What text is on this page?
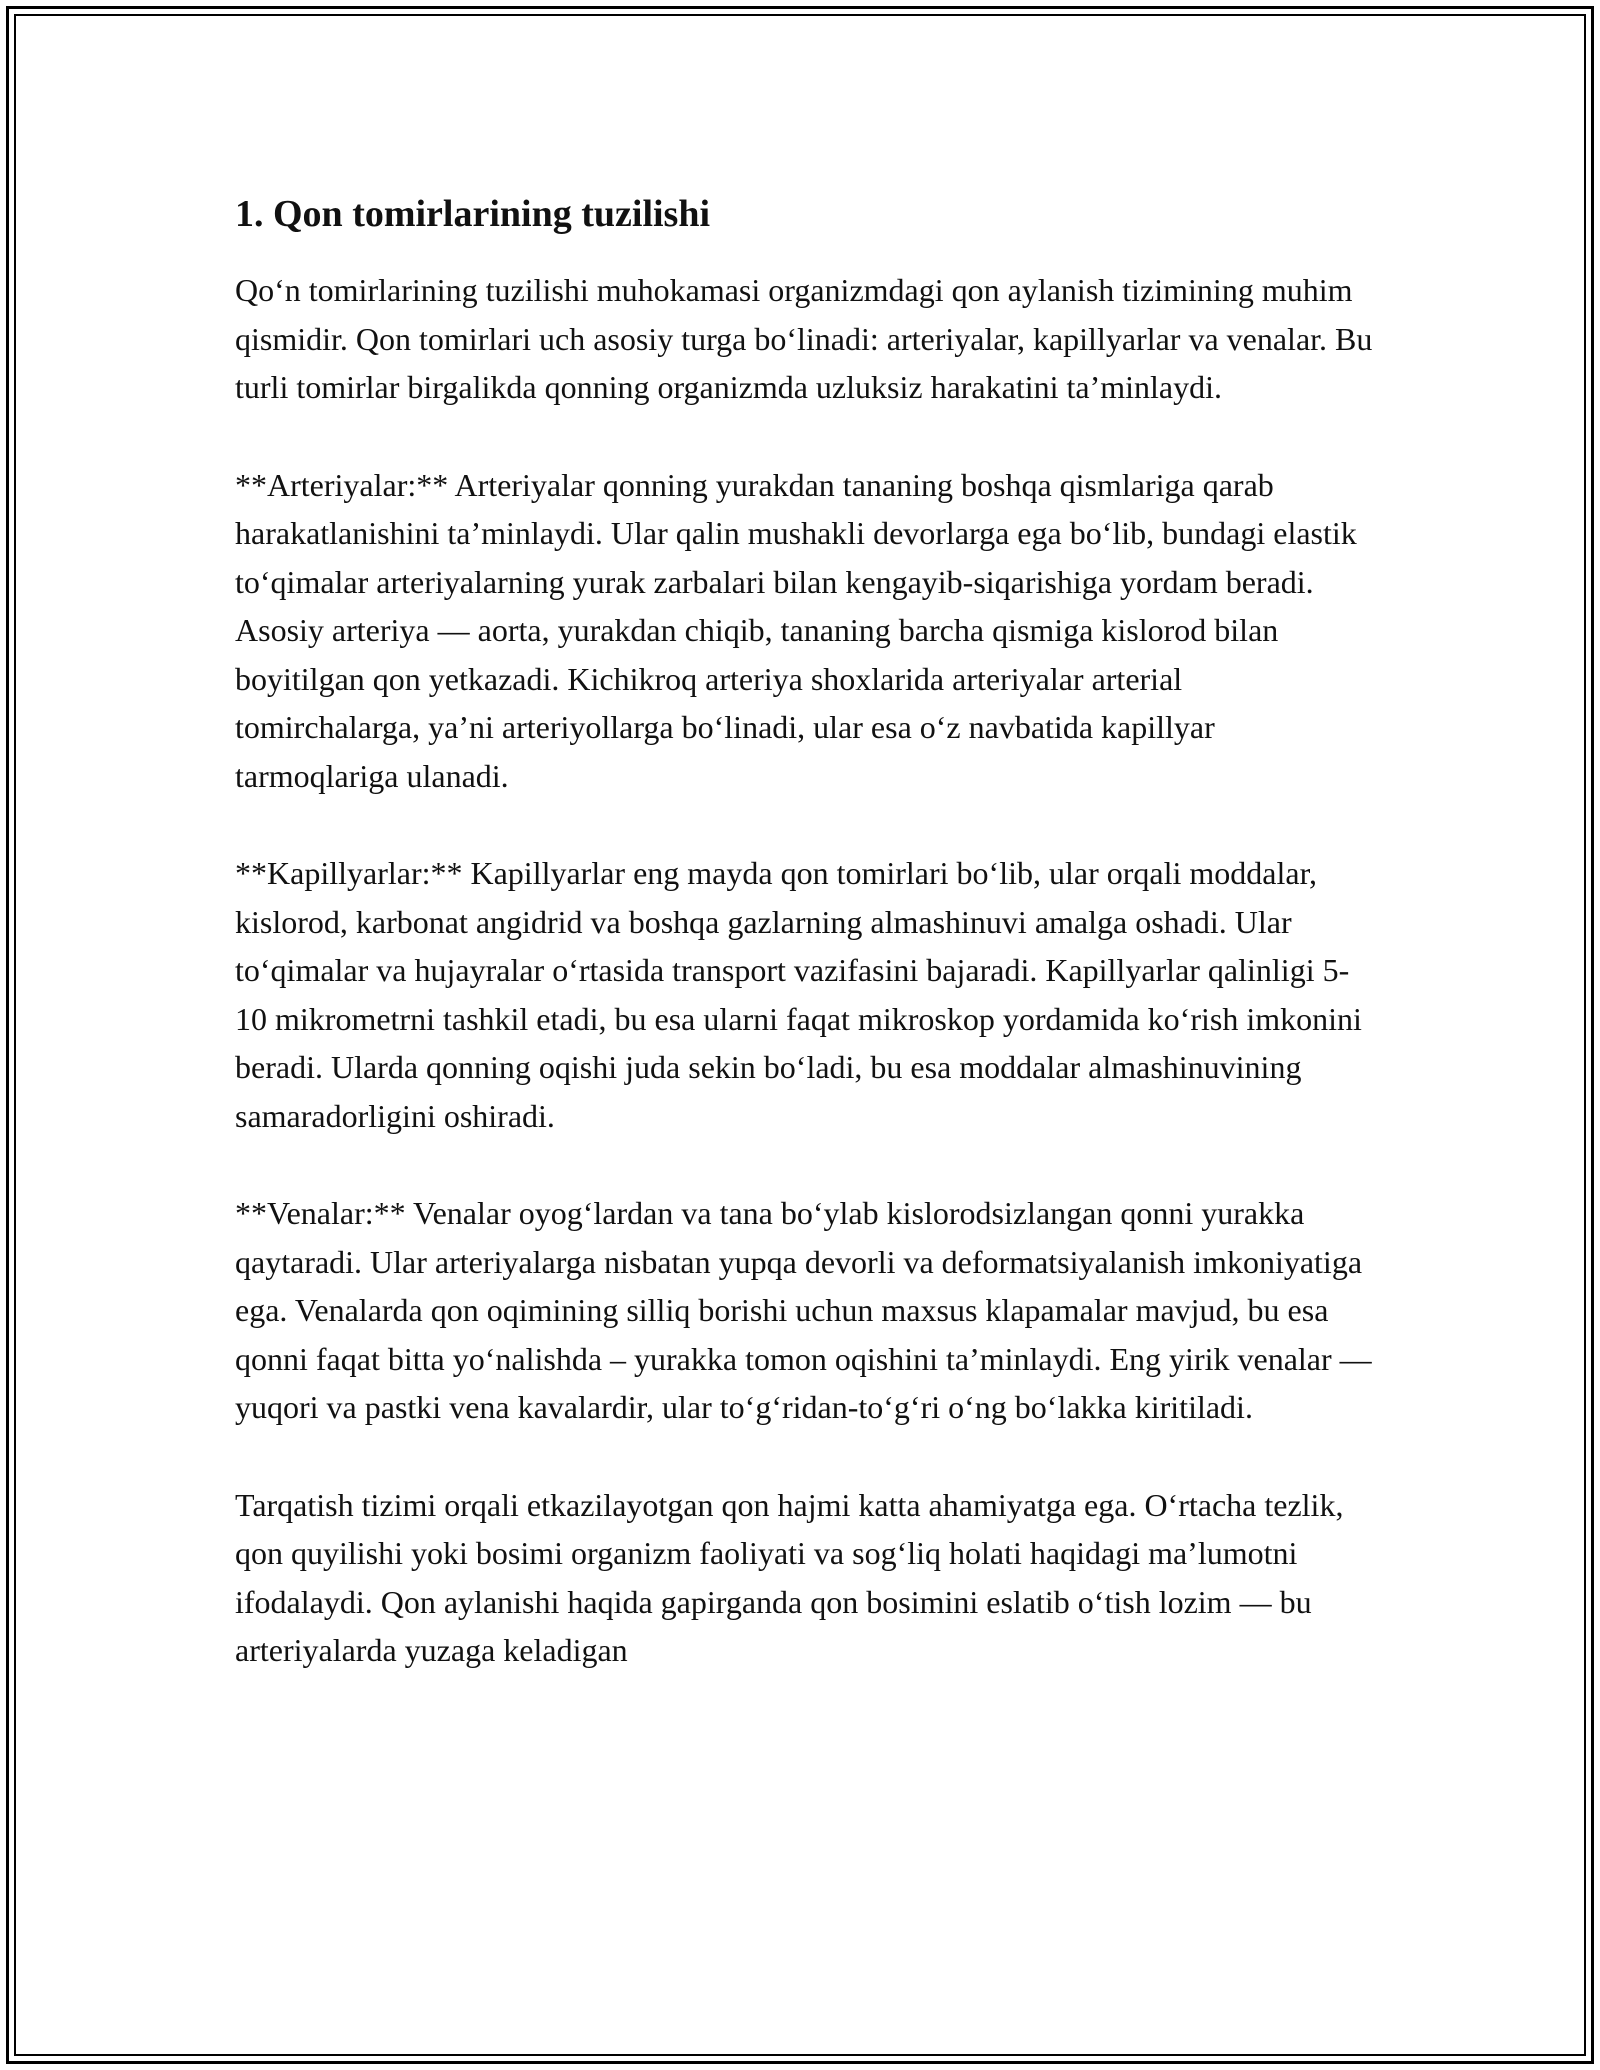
1. Qon tomirlarining tuzilishi

Qo‘n tomirlarining tuzilishi muhokamasi organizmdagi qon aylanish tizimining muhim qismidir. Qon tomirlari uch asosiy turga bo‘linadi: arteriyalar, kapillyarlar va venalar. Bu turli tomirlar birgalikda qonning organizmda uzluksiz harakatini ta’minlaydi.

**Arteriyalar:** Arteriyalar qonning yurakdan tananing boshqa qismlariga qarab harakatlanishini ta’minlaydi. Ular qalin mushakli devorlarga ega bo‘lib, bundagi elastik to‘qimalar arteriyalarning yurak zarbalari bilan kengayib-siqarishiga yordam beradi. Asosiy arteriya — aorta, yurakdan chiqib, tananing barcha qismiga kislorod bilan boyitilgan qon yetkazadi. Kichikroq arteriya shoxlarida arteriyalar arterial tomirchalarga, ya’ni arteriyollarga bo‘linadi, ular esa o‘z navbatida kapillyar tarmoqlariga ulanadi.

**Kapillyarlar:** Kapillyarlar eng mayda qon tomirlari bo‘lib, ular orqali moddalar, kislorod, karbonat angidrid va boshqa gazlarning almashinuvi amalga oshadi. Ular to‘qimalar va hujayralar o‘rtasida transport vazifasini bajaradi. Kapillyarlar qalinligi 5-10 mikrometrni tashkil etadi, bu esa ularni faqat mikroskop yordamida ko‘rish imkonini beradi. Ularda qonning oqishi juda sekin bo‘ladi, bu esa moddalar almashinuvining samaradorligini oshiradi.

**Venalar:** Venalar oyog‘lardan va tana bo‘ylab kislorodsizlangan qonni yurakka qaytaradi. Ular arteriyalarga nisbatan yupqa devorli va deformatsiyalanish imkoniyatiga ega. Venalarda qon oqimining silliq borishi uchun maxsus klapamalar mavjud, bu esa qonni faqat bitta yo‘nalishda – yurakka tomon oqishini ta’minlaydi. Eng yirik venalar — yuqori va pastki vena kavalardir, ular to‘g‘ridan-to‘g‘ri o‘ng bo‘lakka kiritiladi.

Tarqatish tizimi orqali etkazilayotgan qon hajmi katta ahamiyatga ega. O‘rtacha tezlik, qon quyilishi yoki bosimi organizm faoliyati va sog‘liq holati haqidagi ma’lumotni ifodalaydi. Qon aylanishi haqida gapirganda qon bosimini eslatib o‘tish lozim — bu arteriyalarda yuzaga keladigan
